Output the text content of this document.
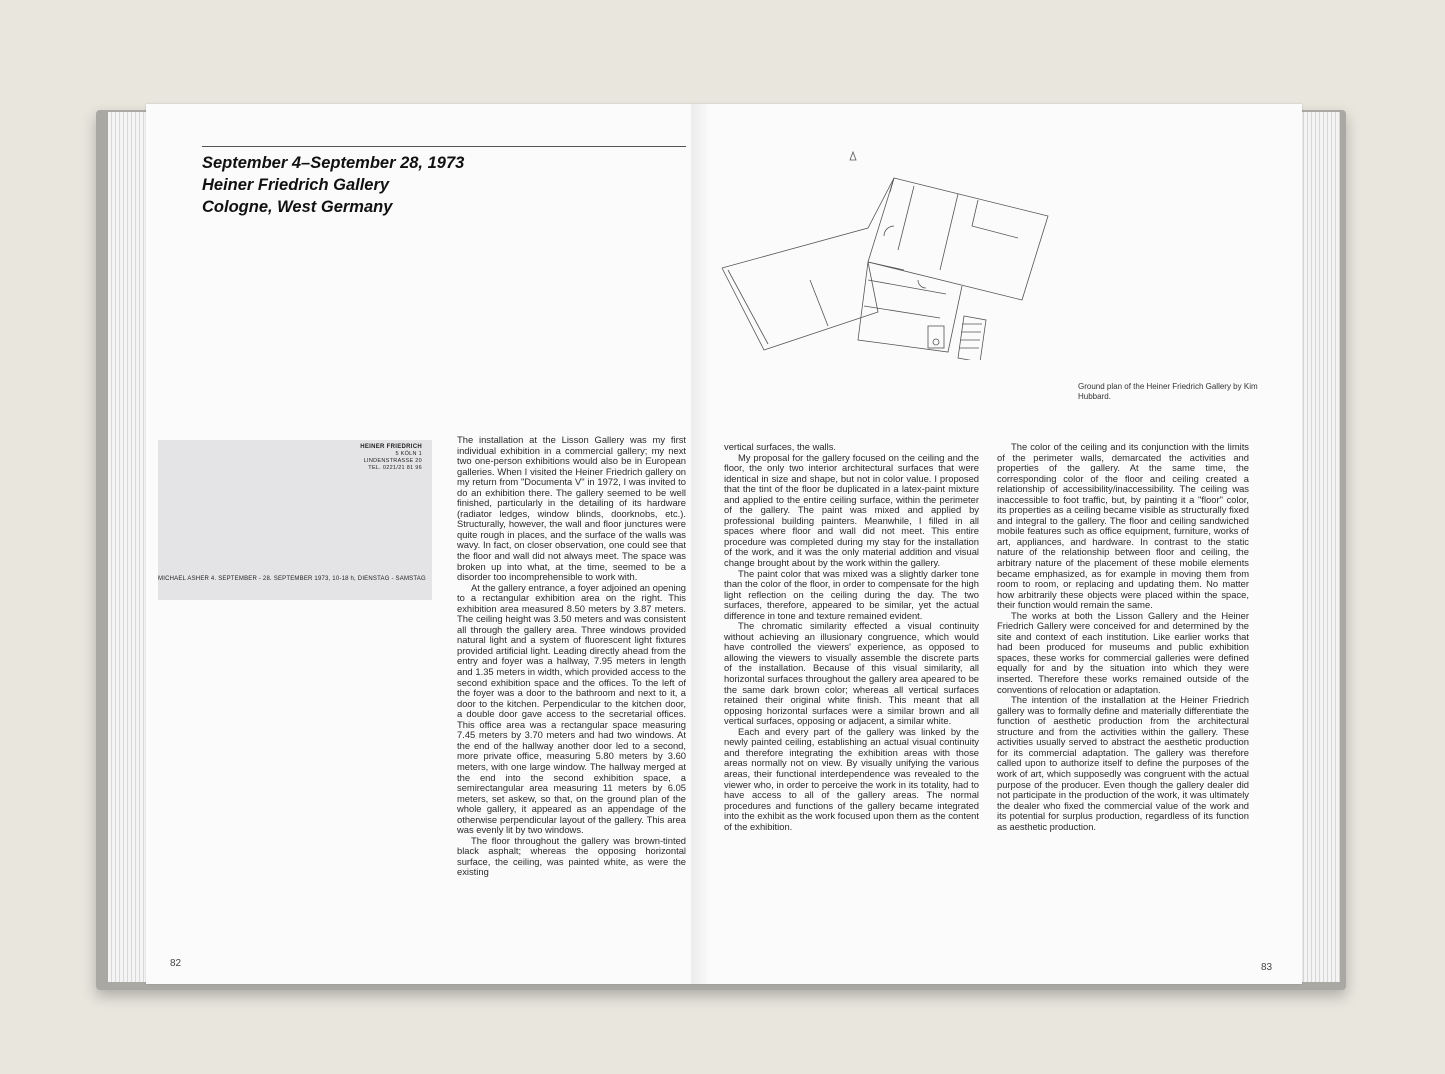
September 4–September 28, 1973
Heiner Friedrich Gallery
Cologne, West Germany
HEINER FRIEDRICH
5 KÖLN 1
LINDENSTRASSE 20
TEL. 0221/21 81 96
MICHAEL ASHER 4. SEPTEMBER - 28. SEPTEMBER 1973, 10-18 h, DIENSTAG - SAMSTAG

The installation at the Lisson Gallery was my first individual exhibition in a commercial gallery; my next two one-person exhibitions would also be in European galleries. When I visited the Heiner Friedrich gallery on my return from "Documenta V" in 1972, I was invited to do an exhibition there. The gallery seemed to be well finished, particularly in the detailing of its hardware (radiator ledges, window blinds, doorknobs, etc.). Structurally, however, the wall and floor junctures were quite rough in places, and the surface of the walls was wavy. In fact, on closer observation, one could see that the floor and wall did not always meet. The space was broken up into what, at the time, seemed to be a disorder too incomprehensible to work with.

At the gallery entrance, a foyer adjoined an opening to a rectangular exhibition area on the right. This exhibition area measured 8.50 meters by 3.87 meters. The ceiling height was 3.50 meters and was consistent all through the gallery area. Three windows provided natural light and a system of fluorescent light fixtures provided artificial light. Leading directly ahead from the entry and foyer was a hallway, 7.95 meters in length and 1.35 meters in width, which provided access to the second exhibition space and the offices. To the left of the foyer was a door to the bathroom and next to it, a door to the kitchen. Perpendicular to the kitchen door, a double door gave access to the secretarial offices. This office area was a rectangular space measuring 7.45 meters by 3.70 meters and had two windows. At the end of the hallway another door led to a second, more private office, measuring 5.80 meters by 3.60 meters, with one large window. The hallway merged at the end into the second exhibition space, a semirectangular area measuring 11 meters by 6.05 meters, set askew, so that, on the ground plan of the whole gallery, it appeared as an appendage of the otherwise perpendicular layout of the gallery. This area was evenly lit by two windows.

The floor throughout the gallery was brown-tinted black asphalt; whereas the opposing horizontal surface, the ceiling, was painted white, as were the existing

82
Ground plan of the Heiner Friedrich Gallery by Kim Hubbard.

vertical surfaces, the walls.

My proposal for the gallery focused on the ceiling and the floor, the only two interior architectural surfaces that were identical in size and shape, but not in color value. I proposed that the tint of the floor be duplicated in a latex-paint mixture and applied to the entire ceiling surface, within the perimeter of the gallery. The paint was mixed and applied by professional building painters. Meanwhile, I filled in all spaces where floor and wall did not meet. This entire procedure was completed during my stay for the installation of the work, and it was the only material addition and visual change brought about by the work within the gallery.

The paint color that was mixed was a slightly darker tone than the color of the floor, in order to compensate for the high light reflection on the ceiling during the day. The two surfaces, therefore, appeared to be similar, yet the actual difference in tone and texture remained evident.

The chromatic similarity effected a visual continuity without achieving an illusionary congruence, which would have controlled the viewers' experience, as opposed to allowing the viewers to visually assemble the discrete parts of the installation. Because of this visual similarity, all horizontal surfaces throughout the gallery area apeared to be the same dark brown color; whereas all vertical surfaces retained their original white finish. This meant that all opposing horizontal surfaces were a similar brown and all vertical surfaces, opposing or adjacent, a similar white.

Each and every part of the gallery was linked by the newly painted ceiling, establishing an actual visual continuity and therefore integrating the exhibition areas with those areas normally not on view. By visually unifying the various areas, their functional interdependence was revealed to the viewer who, in order to perceive the work in its totality, had to have access to all of the gallery areas. The normal procedures and functions of the gallery became integrated into the exhibit as the work focused upon them as the content of the exhibition.

The color of the ceiling and its conjunction with the limits of the perimeter walls, demarcated the activities and properties of the gallery. At the same time, the corresponding color of the floor and ceiling created a relationship of accessibility/inaccessibility. The ceiling was inaccessible to foot traffic, but, by painting it a "floor" color, its properties as a ceiling became visible as structurally fixed and integral to the gallery. The floor and ceiling sandwiched mobile features such as office equipment, furniture, works of art, appliances, and hardware. In contrast to the static nature of the relationship between floor and ceiling, the arbitrary nature of the placement of these mobile elements became emphasized, as for example in moving them from room to room, or replacing and updating them. No matter how arbitrarily these objects were placed within the space, their function would remain the same.

The works at both the Lisson Gallery and the Heiner Friedrich Gallery were conceived for and determined by the site and context of each institution. Like earlier works that had been produced for museums and public exhibition spaces, these works for commercial galleries were defined equally for and by the situation into which they were inserted. Therefore these works remained outside of the conventions of relocation or adaptation.

The intention of the installation at the Heiner Friedrich gallery was to formally define and materially differentiate the function of aesthetic production from the architectural structure and from the activities within the gallery. These activities usually served to abstract the aesthetic production for its commercial adaptation. The gallery was therefore called upon to authorize itself to define the purposes of the work of art, which supposedly was congruent with the actual purpose of the producer. Even though the gallery dealer did not participate in the production of the work, it was ultimately the dealer who fixed the commercial value of the work and its potential for surplus production, regardless of its function as aesthetic production.

83
